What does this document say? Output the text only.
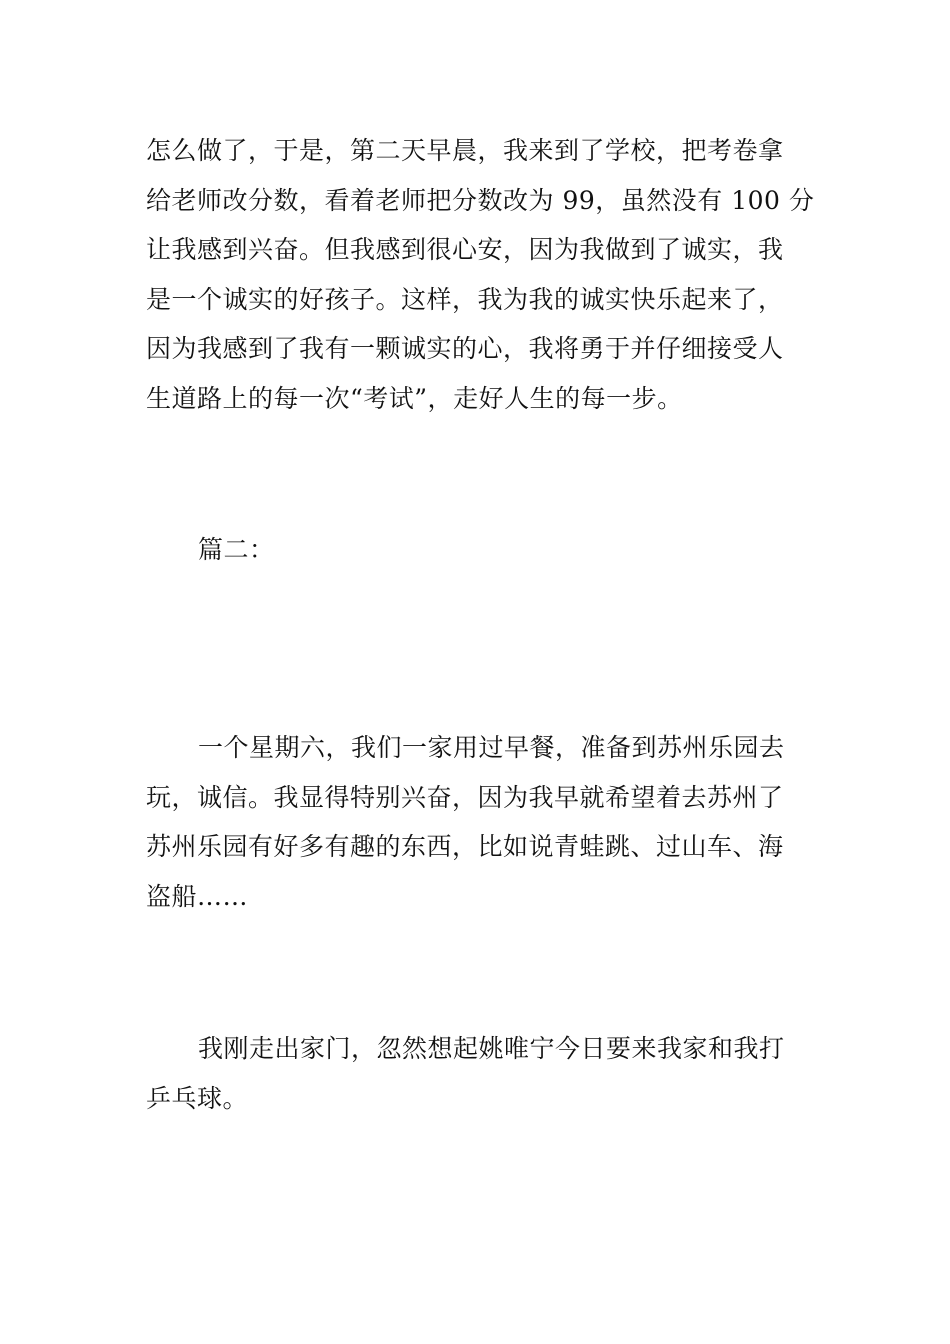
怎么做了，于是，第二天早晨，我来到了学校，把考卷拿
给老师改分数，看着老师把分数改为 99，虽然没有 100 分
让我感到兴奋。但我感到很心安，因为我做到了诚实，我
是一个诚实的好孩子。这样，我为我的诚实快乐起来了，
因为我感到了我有一颗诚实的心，我将勇于并仔细接受人
生道路上的每一次“考试”，走好人生的每一步。
篇二：
一个星期六，我们一家用过早餐，准备到苏州乐园去
玩，诚信。我显得特别兴奋，因为我早就希望着去苏州了
苏州乐园有好多有趣的东西，比如说青蛙跳、过山车、海
盗船……
我刚走出家门，忽然想起姚唯宁今日要来我家和我打
乒乓球。
